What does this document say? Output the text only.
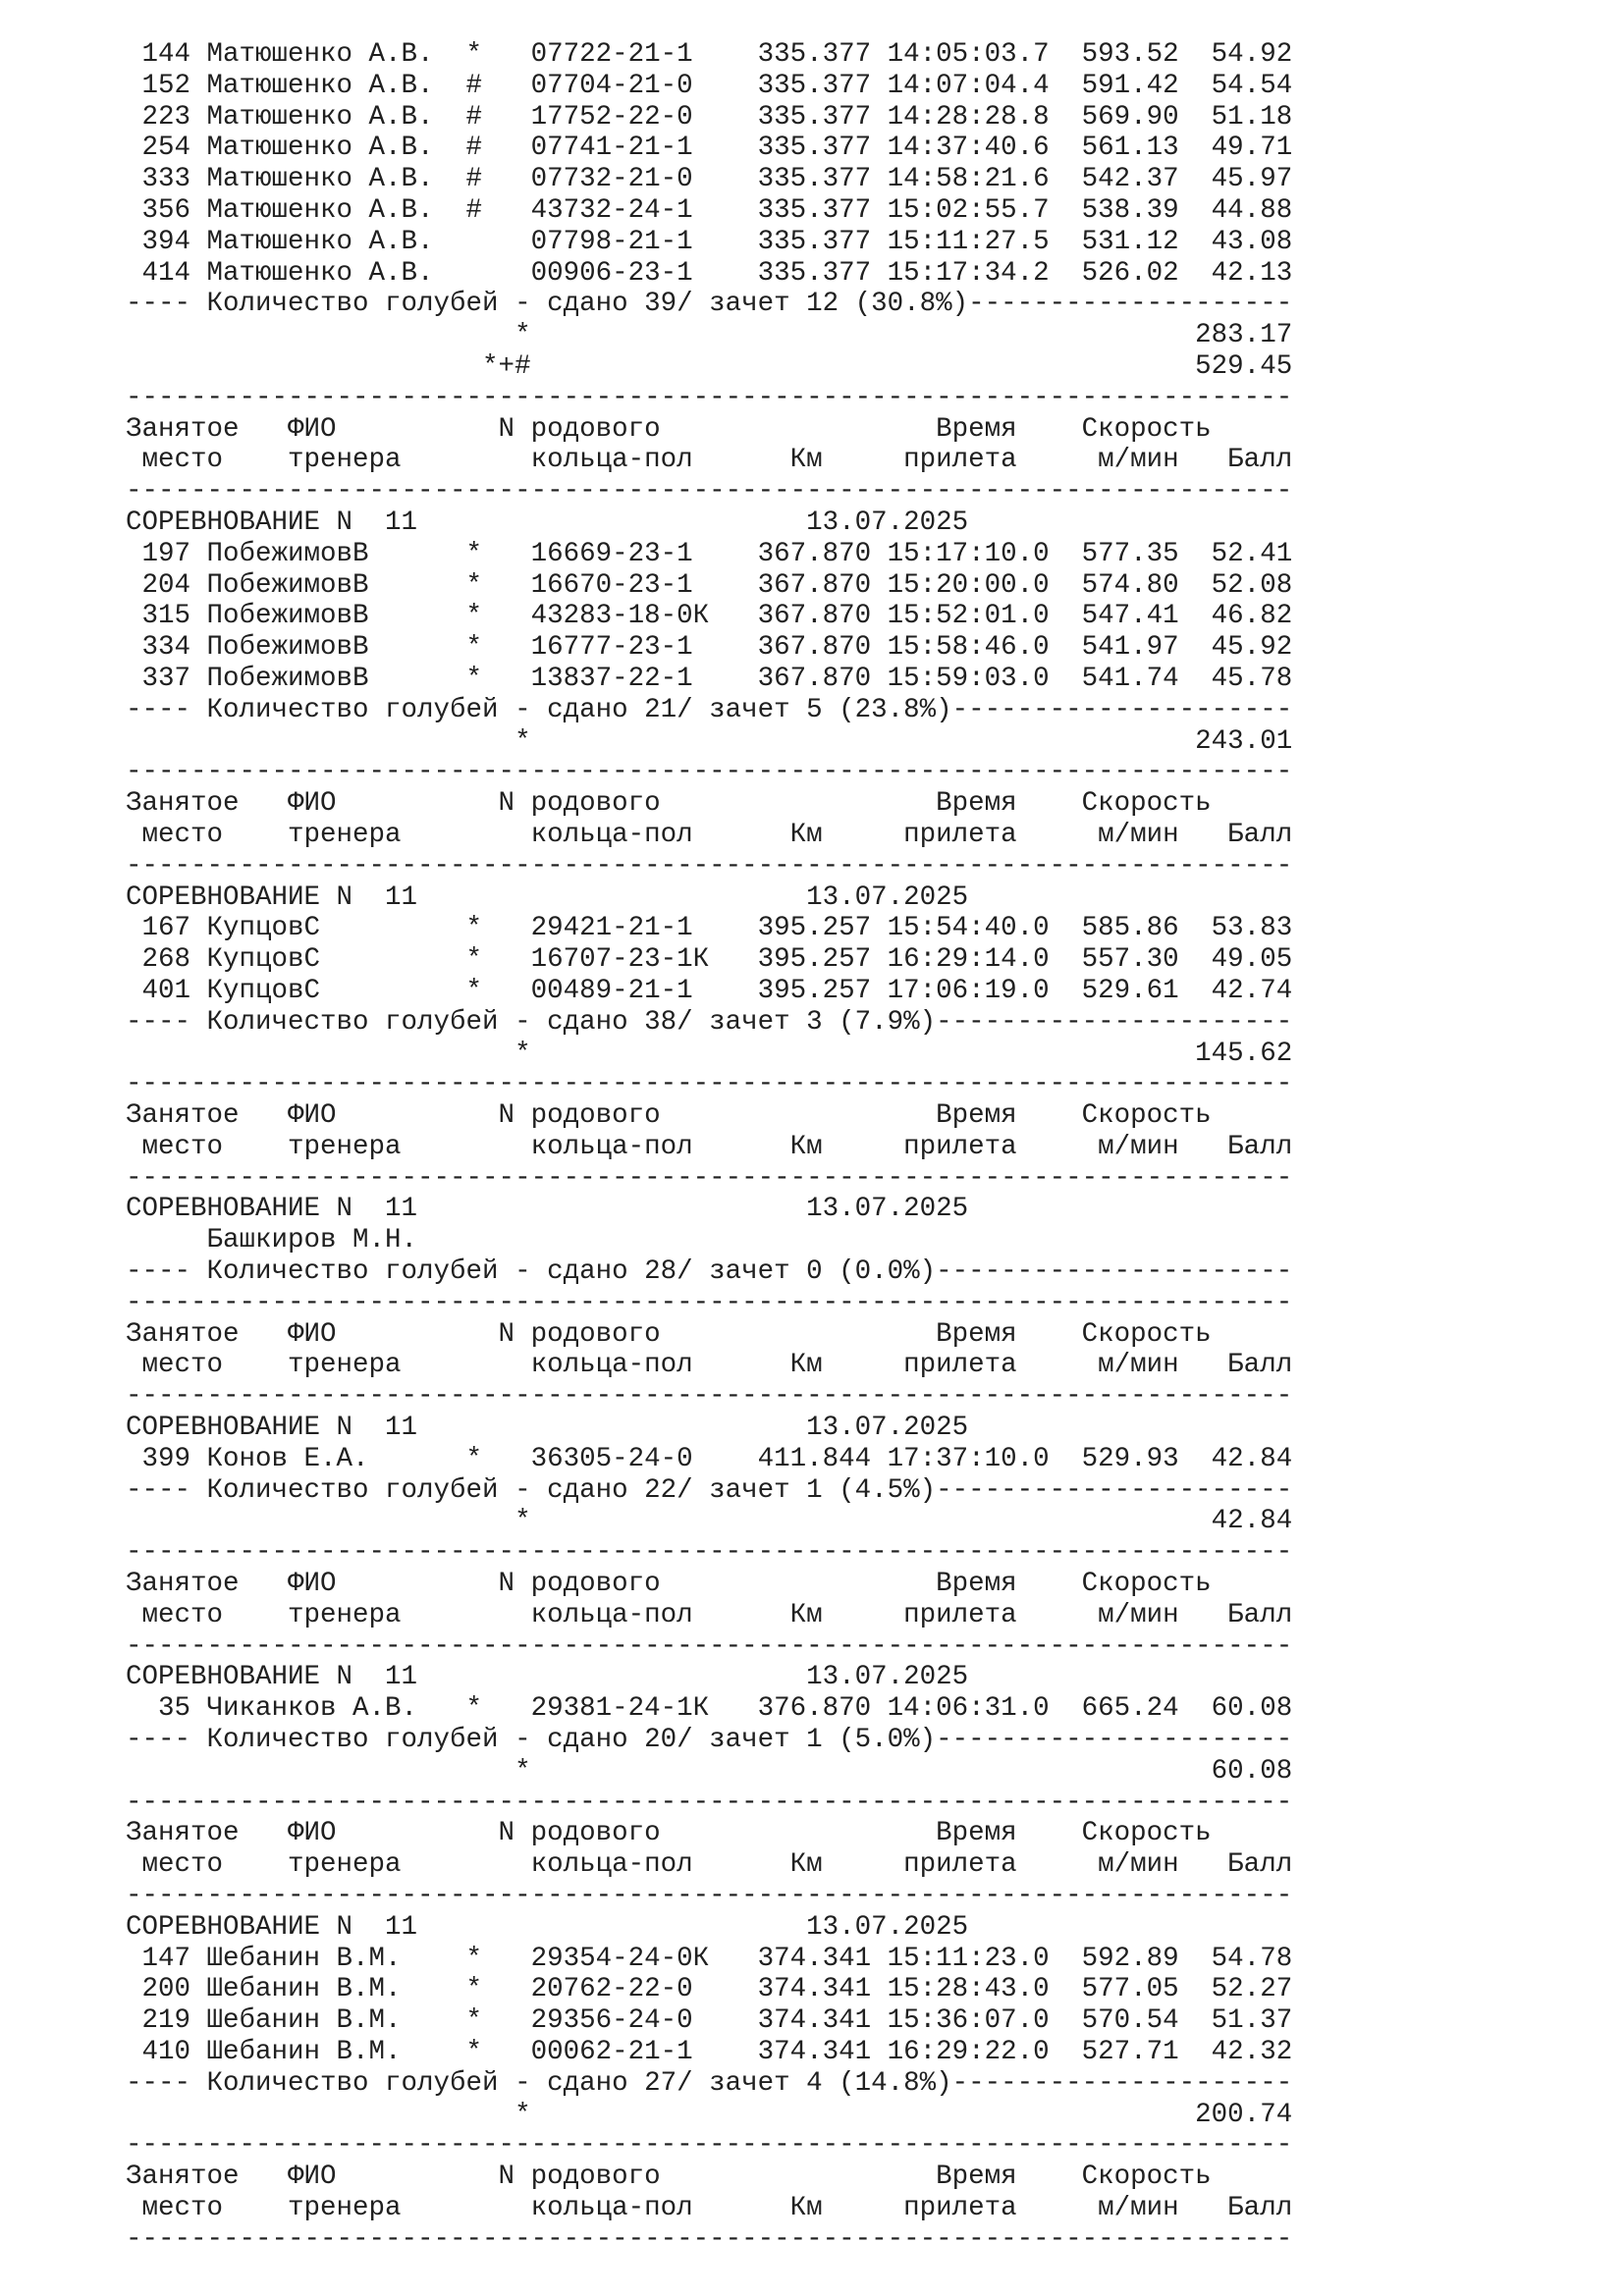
144 Матюшенко А.В.  *   07722-21-1    335.377 14:05:03.7  593.52  54.92
152 Матюшенко А.В.  #   07704-21-0    335.377 14:07:04.4  591.42  54.54
223 Матюшенко А.В.  #   17752-22-0    335.377 14:28:28.8  569.90  51.18
254 Матюшенко А.В.  #   07741-21-1    335.377 14:37:40.6  561.13  49.71
333 Матюшенко А.В.  #   07732-21-0    335.377 14:58:21.6  542.37  45.97
356 Матюшенко А.В.  #   43732-24-1    335.377 15:02:55.7  538.39  44.88
394 Матюшенко А.В.      07798-21-1    335.377 15:11:27.5  531.12  43.08
414 Матюшенко А.В.      00906-23-1    335.377 15:17:34.2  526.02  42.13
---- Количество голубей - сдано 39/ зачет 12 (30.8%)--------------------
*                                         283.17
*+#                                         529.45
------------------------------------------------------------------------
Занятое   ФИО          N родового                 Время    Скорость
место    тренера        кольца-пол      Км     прилета     м/мин   Балл
------------------------------------------------------------------------
СОРЕВНОВАНИЕ N  11                        13.07.2025
197 ПобежимовВ      *   16669-23-1    367.870 15:17:10.0  577.35  52.41
204 ПобежимовВ      *   16670-23-1    367.870 15:20:00.0  574.80  52.08
315 ПобежимовВ      *   43283-18-0К   367.870 15:52:01.0  547.41  46.82
334 ПобежимовВ      *   16777-23-1    367.870 15:58:46.0  541.97  45.92
337 ПобежимовВ      *   13837-22-1    367.870 15:59:03.0  541.74  45.78
---- Количество голубей - сдано 21/ зачет 5 (23.8%)---------------------
*                                         243.01
------------------------------------------------------------------------
Занятое   ФИО          N родового                 Время    Скорость
место    тренера        кольца-пол      Км     прилета     м/мин   Балл
------------------------------------------------------------------------
СОРЕВНОВАНИЕ N  11                        13.07.2025
167 КупцовС         *   29421-21-1    395.257 15:54:40.0  585.86  53.83
268 КупцовС         *   16707-23-1К   395.257 16:29:14.0  557.30  49.05
401 КупцовС         *   00489-21-1    395.257 17:06:19.0  529.61  42.74
---- Количество голубей - сдано 38/ зачет 3 (7.9%)----------------------
*                                         145.62
------------------------------------------------------------------------
Занятое   ФИО          N родового                 Время    Скорость
место    тренера        кольца-пол      Км     прилета     м/мин   Балл
------------------------------------------------------------------------
СОРЕВНОВАНИЕ N  11                        13.07.2025
Башкиров М.Н.
---- Количество голубей - сдано 28/ зачет 0 (0.0%)----------------------
------------------------------------------------------------------------
Занятое   ФИО          N родового                 Время    Скорость
место    тренера        кольца-пол      Км     прилета     м/мин   Балл
------------------------------------------------------------------------
СОРЕВНОВАНИЕ N  11                        13.07.2025
399 Конов Е.А.      *   36305-24-0    411.844 17:37:10.0  529.93  42.84
---- Количество голубей - сдано 22/ зачет 1 (4.5%)----------------------
*                                          42.84
------------------------------------------------------------------------
Занятое   ФИО          N родового                 Время    Скорость
место    тренера        кольца-пол      Км     прилета     м/мин   Балл
------------------------------------------------------------------------
СОРЕВНОВАНИЕ N  11                        13.07.2025
35 Чиканков А.В.   *   29381-24-1К   376.870 14:06:31.0  665.24  60.08
---- Количество голубей - сдано 20/ зачет 1 (5.0%)----------------------
*                                          60.08
------------------------------------------------------------------------
Занятое   ФИО          N родового                 Время    Скорость
место    тренера        кольца-пол      Км     прилета     м/мин   Балл
------------------------------------------------------------------------
СОРЕВНОВАНИЕ N  11                        13.07.2025
147 Шебанин В.М.    *   29354-24-0К   374.341 15:11:23.0  592.89  54.78
200 Шебанин В.М.    *   20762-22-0    374.341 15:28:43.0  577.05  52.27
219 Шебанин В.М.    *   29356-24-0    374.341 15:36:07.0  570.54  51.37
410 Шебанин В.М.    *   00062-21-1    374.341 16:29:22.0  527.71  42.32
---- Количество голубей - сдано 27/ зачет 4 (14.8%)---------------------
*                                         200.74
------------------------------------------------------------------------
Занятое   ФИО          N родового                 Время    Скорость
место    тренера        кольца-пол      Км     прилета     м/мин   Балл
------------------------------------------------------------------------
